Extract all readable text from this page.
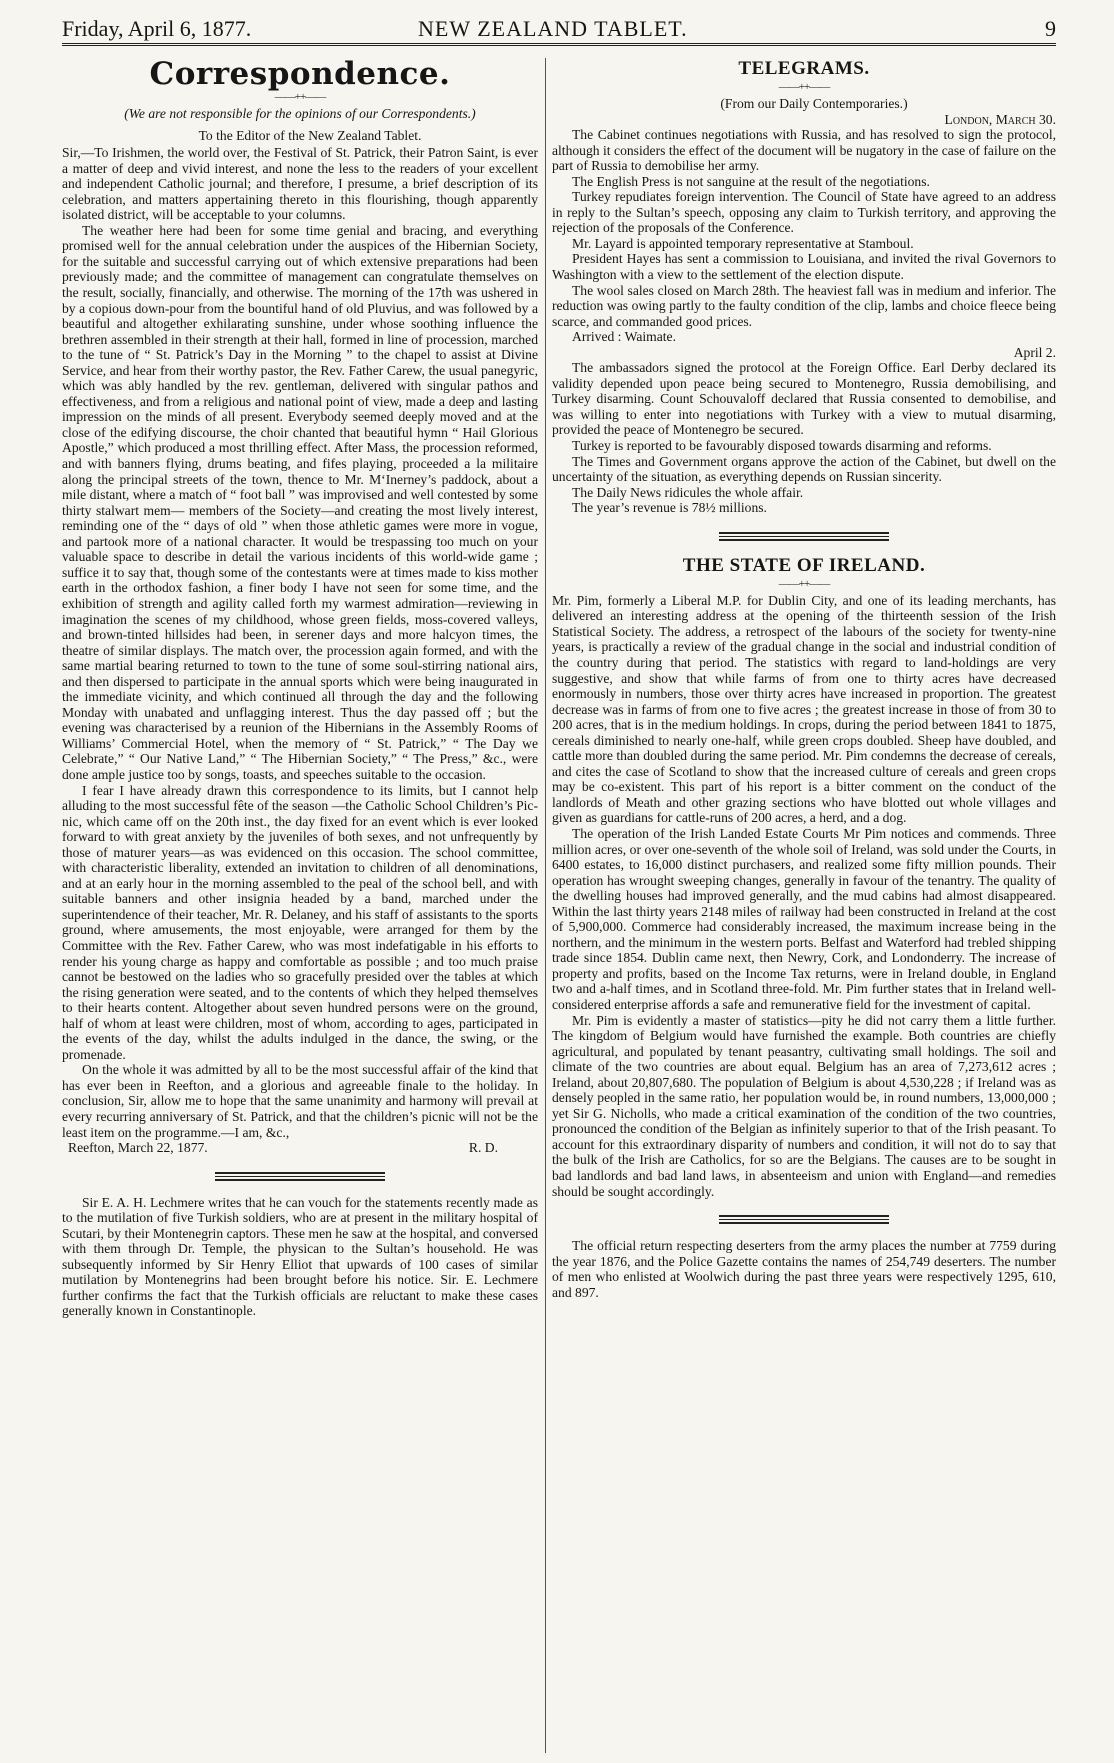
Friday, April 6, 1877.	NEW ZEALAND TABLET.	9
Correspondence.
——++——

(We are not responsible for the opinions of our Correspondents.)

To the Editor of the New Zealand Tablet.

Sir,—To Irishmen, the world over, the Festival of St. Patrick, their Patron Saint, is ever a matter of deep and vivid interest, and none the less to the readers of your excellent and independent Catholic journal; and therefore, I presume, a brief description of its celebration, and matters appertaining thereto in this flourishing, though apparently isolated district, will be acceptable to your columns.

The weather here had been for some time genial and bracing, and everything promised well for the annual celebration under the auspices of the Hibernian Society, for the suitable and successful carrying out of which extensive preparations had been previously made; and the committee of management can congratulate themselves on the result, socially, financially, and otherwise. The morning of the 17th was ushered in by a copious down-pour from the bountiful hand of old Pluvius, and was followed by a beautiful and altogether exhilarating sunshine, under whose soothing influence the brethren assembled in their strength at their hall, formed in line of procession, marched to the tune of “ St. Patrick’s Day in the Morning ” to the chapel to assist at Divine Service, and hear from their worthy pastor, the Rev. Father Carew, the usual panegyric, which was ably handled by the rev. gentleman, delivered with singular pathos and effectiveness, and from a religious and national point of view, made a deep and lasting impression on the minds of all present. Everybody seemed deeply moved and at the close of the edifying discourse, the choir chanted that beautiful hymn “ Hail Glorious Apostle,” which produced a most thrilling effect. After Mass, the procession reformed, and with banners flying, drums beating, and fifes playing, proceeded a la militaire along the principal streets of the town, thence to Mr. M‘Inerney’s paddock, about a mile distant, where a match of “ foot ball ” was improvised and well contested by some thirty stalwart mem— members of the Society—and creating the most lively interest, reminding one of the “ days of old ” when those athletic games were more in vogue, and partook more of a national character. It would be trespassing too much on your valuable space to describe in detail the various incidents of this world-wide game ; suffice it to say that, though some of the contestants were at times made to kiss mother earth in the orthodox fashion, a finer body I have not seen for some time, and the exhibition of strength and agility called forth my warmest admiration—reviewing in imagination the scenes of my childhood, whose green fields, moss-covered valleys, and brown-tinted hillsides had been, in serener days and more halcyon times, the theatre of similar displays. The match over, the procession again formed, and with the same martial bearing returned to town to the tune of some soul-stirring national airs, and then dispersed to participate in the annual sports which were being inaugurated in the immediate vicinity, and which continued all through the day and the following Monday with unabated and unflagging interest. Thus the day passed off ; but the evening was characterised by a reunion of the Hibernians in the Assembly Rooms of Williams’ Commercial Hotel, when the memory of “ St. Patrick,” “ The Day we Celebrate,” “ Our Native Land,” “ The Hibernian Society,” “ The Press,” &c., were done ample justice too by songs, toasts, and speeches suitable to the occasion.

I fear I have already drawn this correspondence to its limits, but I cannot help alluding to the most successful fête of the season —the Catholic School Children’s Pic-nic, which came off on the 20th inst., the day fixed for an event which is ever looked forward to with great anxiety by the juveniles of both sexes, and not unfrequently by those of maturer years—as was evidenced on this occasion. The school committee, with characteristic liberality, extended an invitation to children of all denominations, and at an early hour in the morning assembled to the peal of the school bell, and with suitable banners and other insignia headed by a band, marched under the superintendence of their teacher, Mr. R. Delaney, and his staff of assistants to the sports ground, where amusements, the most enjoyable, were arranged for them by the Committee with the Rev. Father Carew, who was most indefatigable in his efforts to render his young charge as happy and comfortable as possible ; and too much praise cannot be bestowed on the ladies who so gracefully presided over the tables at which the rising generation were seated, and to the contents of which they helped themselves to their hearts content. Altogether about seven hundred persons were on the ground, half of whom at least were children, most of whom, according to ages, participated in the events of the day, whilst the adults indulged in the dance, the swing, or the promenade.

On the whole it was admitted by all to be the most successful affair of the kind that has ever been in Reefton, and a glorious and agreeable finale to the holiday. In conclusion, Sir, allow me to hope that the same unanimity and harmony will prevail at every recurring anniversary of St. Patrick, and that the children’s picnic will not be the least item on the programme.—I am, &c.,

Reefton, March 22, 1877.	R. D.

Sir E. A. H. Lechmere writes that he can vouch for the statements recently made as to the mutilation of five Turkish soldiers, who are at present in the military hospital of Scutari, by their Montenegrin captors. These men he saw at the hospital, and conversed with them through Dr. Temple, the physican to the Sultan’s household. He was subsequently informed by Sir Henry Elliot that upwards of 100 cases of similar mutilation by Montenegrins had been brought before his notice. Sir. E. Lechmere further confirms the fact that the Turkish officials are reluctant to make these cases generally known in Constantinople.

TELEGRAMS.
——++——

(From our Daily Contemporaries.)

London, March 30.

The Cabinet continues negotiations with Russia, and has resolved to sign the protocol, although it considers the effect of the document will be nugatory in the case of failure on the part of Russia to demobilise her army.

The English Press is not sanguine at the result of the negotiations.

Turkey repudiates foreign intervention. The Council of State have agreed to an address in reply to the Sultan’s speech, opposing any claim to Turkish territory, and approving the rejection of the proposals of the Conference.

Mr. Layard is appointed temporary representative at Stamboul.

President Hayes has sent a commission to Louisiana, and invited the rival Governors to Washington with a view to the settlement of the election dispute.

The wool sales closed on March 28th. The heaviest fall was in medium and inferior. The reduction was owing partly to the faulty condition of the clip, lambs and choice fleece being scarce, and commanded good prices.

Arrived : Waimate.

April 2.

The ambassadors signed the protocol at the Foreign Office. Earl Derby declared its validity depended upon peace being secured to Montenegro, Russia demobilising, and Turkey disarming. Count Schouvaloff declared that Russia consented to demobilise, and was willing to enter into negotiations with Turkey with a view to mutual disarming, provided the peace of Montenegro be secured.

Turkey is reported to be favourably disposed towards disarming and reforms.

The Times and Government organs approve the action of the Cabinet, but dwell on the uncertainty of the situation, as everything depends on Russian sincerity.

The Daily News ridicules the whole affair.

The year’s revenue is 78½ millions.

THE STATE OF IRELAND.
——++——

Mr. Pim, formerly a Liberal M.P. for Dublin City, and one of its leading merchants, has delivered an interesting address at the opening of the thirteenth session of the Irish Statistical Society. The address, a retrospect of the labours of the society for twenty-nine years, is practically a review of the gradual change in the social and industrial condition of the country during that period. The statistics with regard to land-holdings are very suggestive, and show that while farms of from one to thirty acres have decreased enormously in numbers, those over thirty acres have increased in proportion. The greatest decrease was in farms of from one to five acres ; the greatest increase in those of from 30 to 200 acres, that is in the medium holdings. In crops, during the period between 1841 to 1875, cereals diminished to nearly one-half, while green crops doubled. Sheep have doubled, and cattle more than doubled during the same period. Mr. Pim condemns the decrease of cereals, and cites the case of Scotland to show that the increased culture of cereals and green crops may be co-existent. This part of his report is a bitter comment on the conduct of the landlords of Meath and other grazing sections who have blotted out whole villages and given as guardians for cattle-runs of 200 acres, a herd, and a dog.

The operation of the Irish Landed Estate Courts Mr Pim notices and commends. Three million acres, or over one-seventh of the whole soil of Ireland, was sold under the Courts, in 6400 estates, to 16,000 distinct purchasers, and realized some fifty million pounds. Their operation has wrought sweeping changes, generally in favour of the tenantry. The quality of the dwelling houses had improved generally, and the mud cabins had almost disappeared. Within the last thirty years 2148 miles of railway had been constructed in Ireland at the cost of 5,900,000. Commerce had considerably increased, the maximum increase being in the northern, and the minimum in the western ports. Belfast and Waterford had trebled shipping trade since 1854. Dublin came next, then Newry, Cork, and Londonderry. The increase of property and profits, based on the Income Tax returns, were in Ireland double, in England two and a-half times, and in Scotland three-fold. Mr. Pim further states that in Ireland well-considered enterprise affords a safe and remunerative field for the investment of capital.

Mr. Pim is evidently a master of statistics—pity he did not carry them a little further. The kingdom of Belgium would have furnished the example. Both countries are chiefly agricultural, and populated by tenant peasantry, cultivating small holdings. The soil and climate of the two countries are about equal. Belgium has an area of 7,273,612 acres ; Ireland, about 20,807,680. The population of Belgium is about 4,530,228 ; if Ireland was as densely peopled in the same ratio, her population would be, in round numbers, 13,000,000 ; yet Sir G. Nicholls, who made a critical examination of the condition of the two countries, pronounced the condition of the Belgian as infinitely superior to that of the Irish peasant. To account for this extraordinary disparity of numbers and condition, it will not do to say that the bulk of the Irish are Catholics, for so are the Belgians. The causes are to be sought in bad landlords and bad land laws, in absenteeism and union with England—and remedies should be sought accordingly.

The official return respecting deserters from the army places the number at 7759 during the year 1876, and the Police Gazette contains the names of 254,749 deserters. The number of men who enlisted at Woolwich during the past three years were respectively 1295, 610, and 897.
